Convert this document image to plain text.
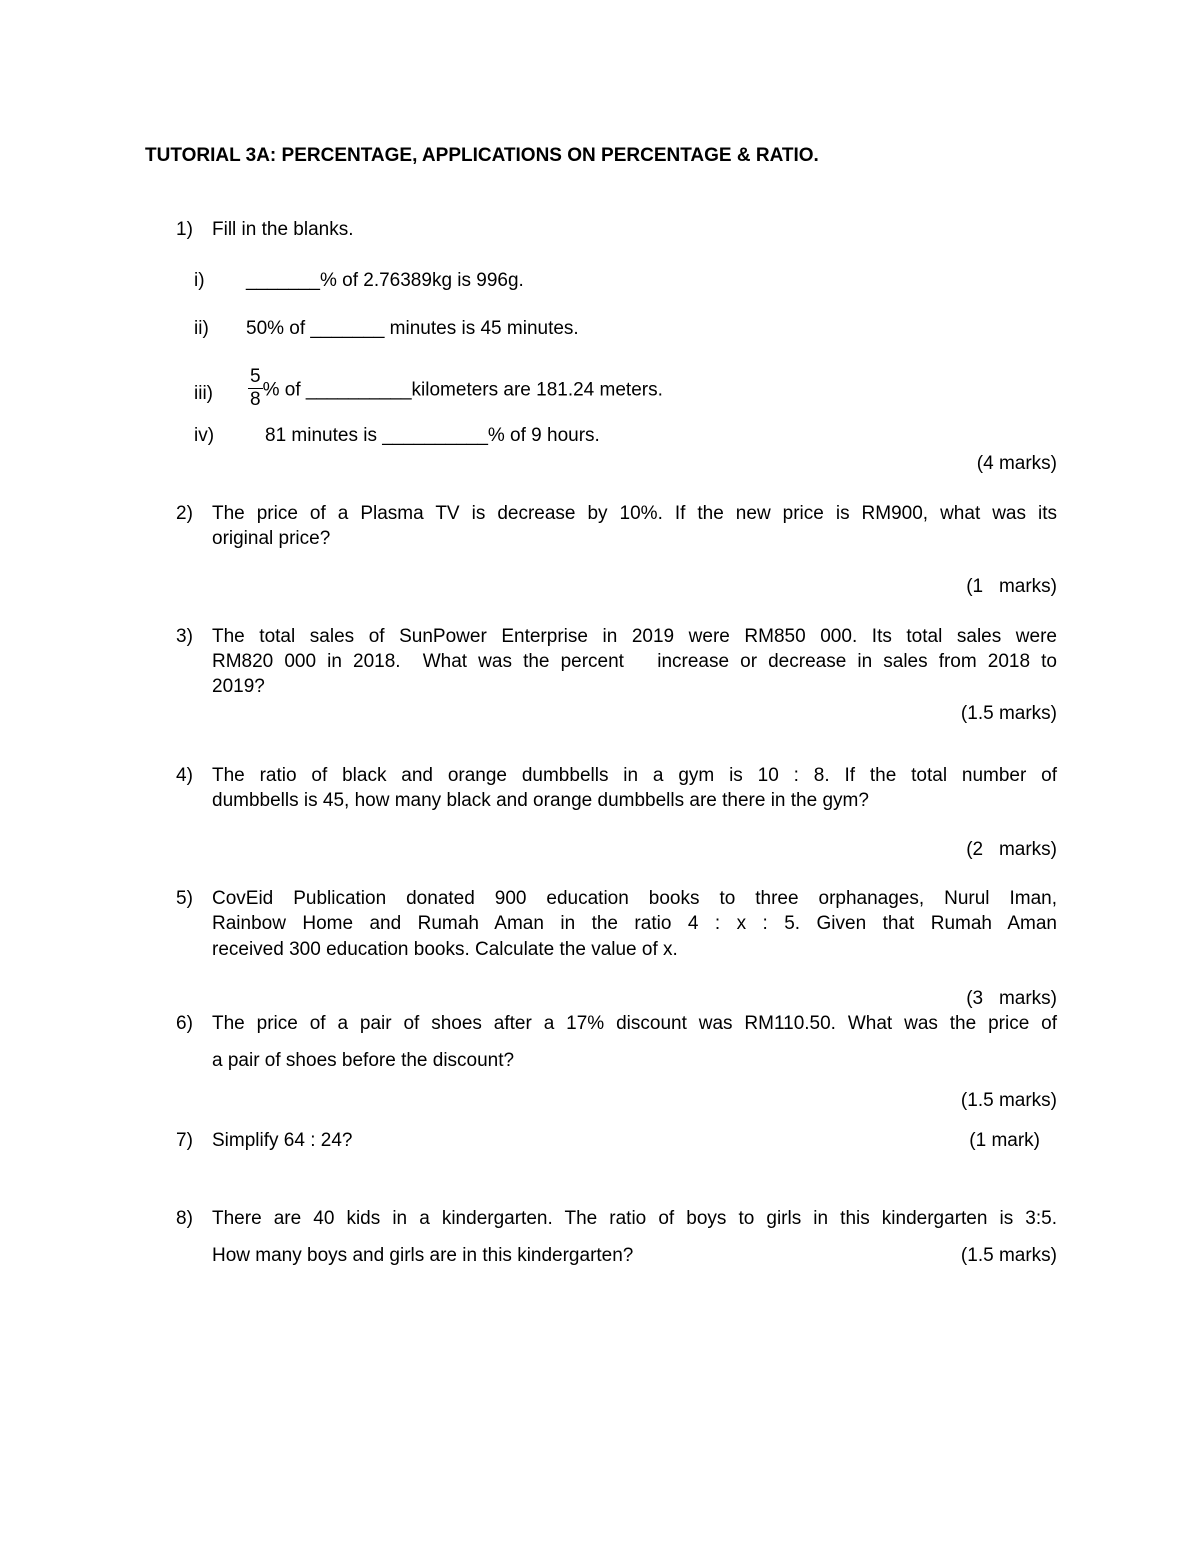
TUTORIAL 3A: PERCENTAGE, APPLICATIONS ON PERCENTAGE & RATIO.
1) Fill in the blanks.
i) _______% of 2.76389kg is 996g.
ii) 50% of _______ minutes is 45 minutes.
$iii) \frac{5}{8}$ % of __________kilometers are 181.24 meters.
iv)	81 minutes is __________% of 9 hours.
(4 marks)
2) The price of a Plasma TV is decrease by 10%. If the new price is RM900, what was its
original price?
(1   marks)
3) The total sales of SunPower Enterprise in 2019 were RM850 000. Its total sales were
RM820 000 in 2018.  What was the percent   increase or decrease in sales from 2018 to
2019?
(1.5 marks)
4) The ratio of black and orange dumbbells in a gym is 10 : 8. If the total number of
dumbbells is 45, how many black and orange dumbbells are there in the gym?
(2   marks)
5) CovEid Publication donated 900 education books to three orphanages, Nurul Iman,
Rainbow Home and Rumah Aman in the ratio 4 : x : 5. Given that Rumah Aman
received 300 education books. Calculate the value of x.
(3   marks)
6) The price of a pair of shoes after a 17% discount was RM110.50. What was the price of
a pair of shoes before the discount?
(1.5 marks)
7) Simplify 64 : 24?	(1 mark)
8) There are 40 kids in a kindergarten. The ratio of boys to girls in this kindergarten is 3:5.
How many boys and girls are in this kindergarten?	(1.5 marks)
